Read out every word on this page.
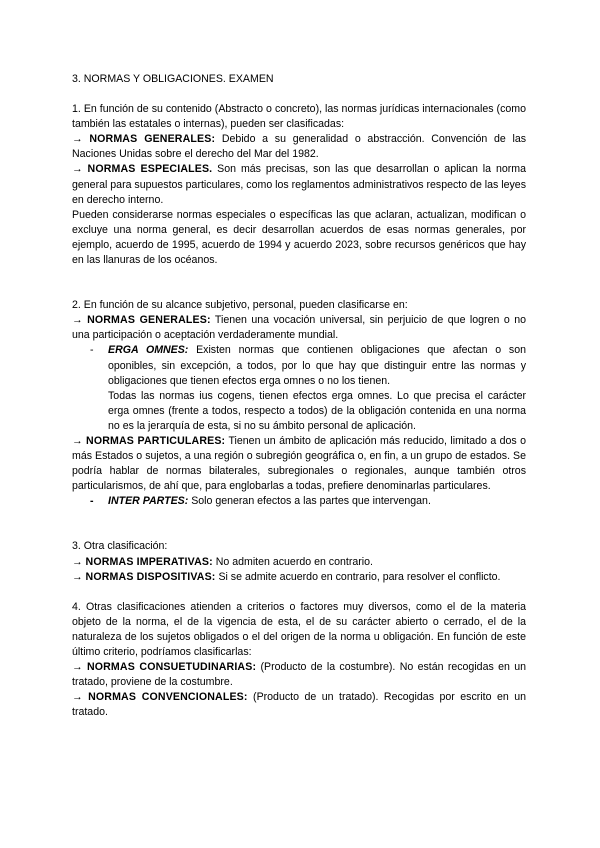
3. NORMAS Y OBLIGACIONES. EXAMEN

1. En función de su contenido (Abstracto o concreto), las normas jurídicas internacionales (como también las estatales o internas), pueden ser clasificadas:

→ NORMAS GENERALES: Debido a su generalidad o abstracción. Convención de las Naciones Unidas sobre el derecho del Mar del 1982.

→ NORMAS ESPECIALES. Son más precisas, son las que desarrollan o aplican la norma general para supuestos particulares, como los reglamentos administrativos respecto de las leyes en derecho interno.

Pueden considerarse normas especiales o específicas las que aclaran, actualizan, modifican o excluye una norma general, es decir desarrollan acuerdos de esas normas generales, por ejemplo, acuerdo de 1995, acuerdo de 1994 y acuerdo 2023, sobre recursos genéricos que hay en las llanuras de los océanos.

2. En función de su alcance subjetivo, personal, pueden clasificarse en:

→ NORMAS GENERALES: Tienen una vocación universal, sin perjuicio de que logren o no una participación o aceptación verdaderamente mundial.

- ERGA OMNES: Existen normas que contienen obligaciones que afectan o son oponibles, sin excepción, a todos, por lo que hay que distinguir entre las normas y obligaciones que tienen efectos erga omnes o no los tienen.

Todas las normas ius cogens, tienen efectos erga omnes. Lo que precisa el carácter erga omnes (frente a todos, respecto a todos) de la obligación contenida en una norma no es la jerarquía de esta, si no su ámbito personal de aplicación.

→ NORMAS PARTICULARES: Tienen un ámbito de aplicación más reducido, limitado a dos o más Estados o sujetos, a una región o subregión geográfica o, en fin, a un grupo de estados. Se podría hablar de normas bilaterales, subregionales o regionales, aunque también otros particularismos, de ahí que, para englobarlas a todas, prefiere denominarlas particulares.

- INTER PARTES: Solo generan efectos a las partes que intervengan.

3. Otra clasificación:

→ NORMAS IMPERATIVAS: No admiten acuerdo en contrario.

→ NORMAS DISPOSITIVAS: Si se admite acuerdo en contrario, para resolver el conflicto.

4. Otras clasificaciones atienden a criterios o factores muy diversos, como el de la materia objeto de la norma, el de la vigencia de esta, el de su carácter abierto o cerrado, el de la naturaleza de los sujetos obligados o el del origen de la norma u obligación. En función de este último criterio, podríamos clasificarlas:

→ NORMAS CONSUETUDINARIAS: (Producto de la costumbre). No están recogidas en un tratado, proviene de la costumbre.

→ NORMAS CONVENCIONALES: (Producto de un tratado). Recogidas por escrito en un tratado.
